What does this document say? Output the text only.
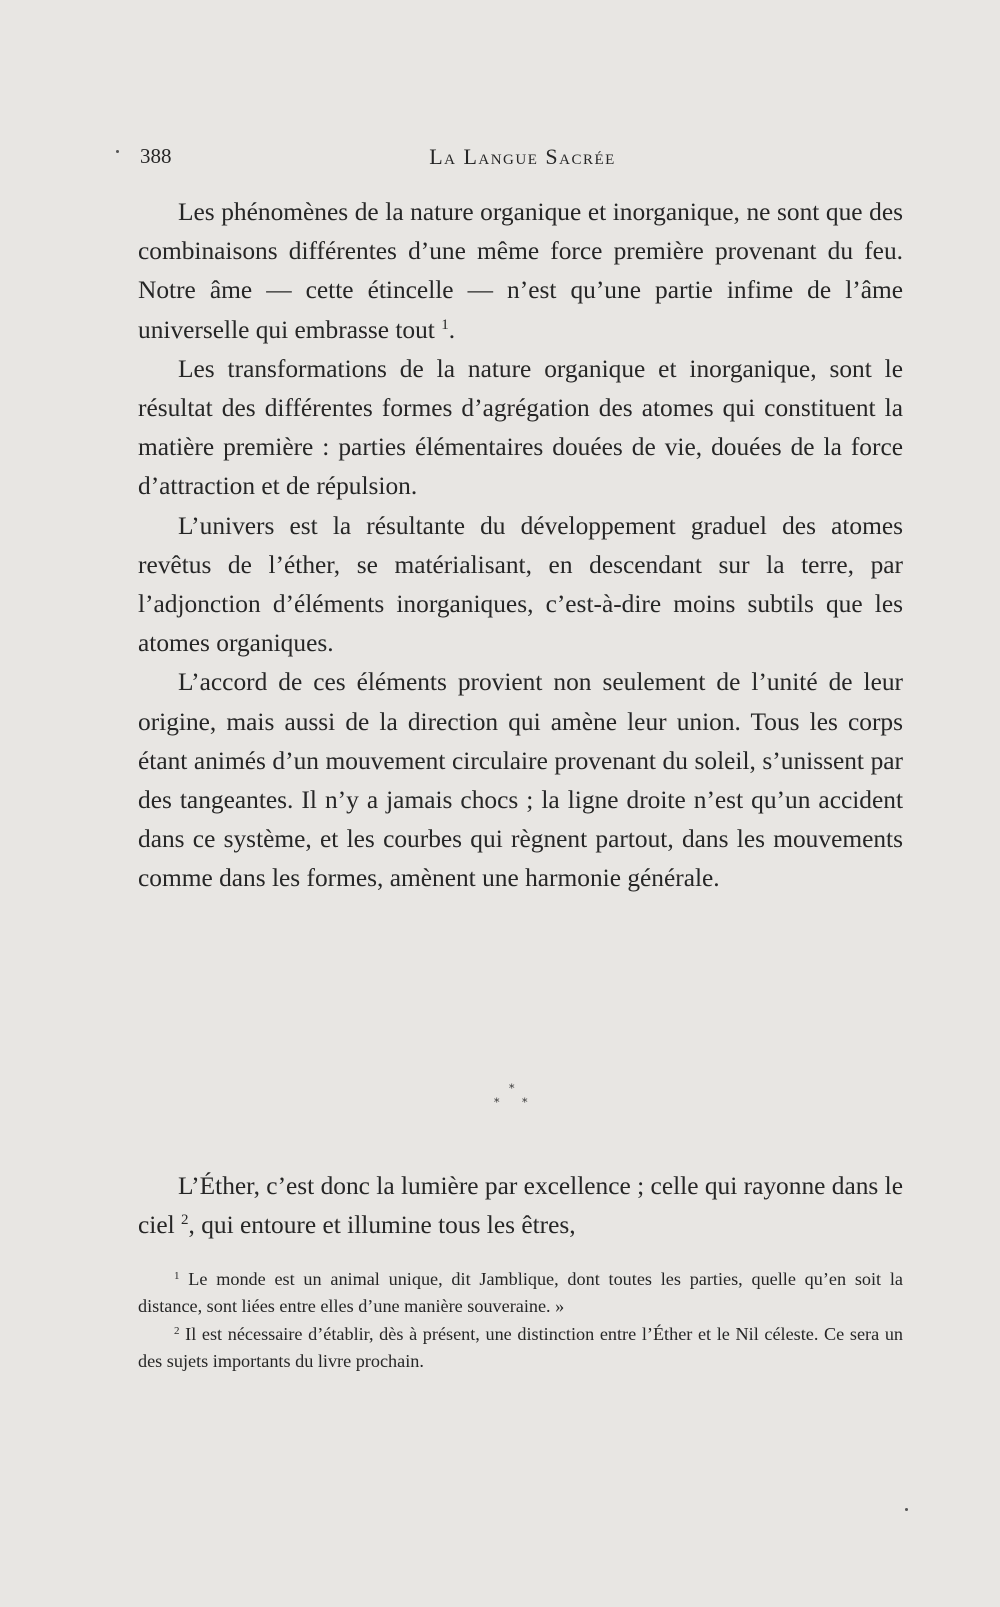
388	La Langue Sacrée

Les phénomènes de la nature organique et inorganique, ne sont que des combinaisons différentes d’une même force première provenant du feu. Notre âme — cette étincelle — n’est qu’une partie infime de l’âme universelle qui embrasse tout $^1$.

Les transformations de la nature organique et inorganique, sont le résultat des différentes formes d’agrégation des atomes qui constituent la matière première : parties élémentaires douées de vie, douées de la force d’attraction et de répulsion.

L’univers est la résultante du développement graduel des atomes revêtus de l’éther, se matérialisant, en descendant sur la terre, par l’adjonction d’éléments inorganiques, c’est-à-dire moins subtils que les atomes organiques.

L’accord de ces éléments provient non seulement de l’unité de leur origine, mais aussi de la direction qui amène leur union. Tous les corps étant animés d’un mouvement circulaire provenant du soleil, s’unissent par des tangeantes. Il n’y a jamais chocs ; la ligne droite n’est qu’un accident dans ce système, et les courbes qui règnent partout, dans les mouvements comme dans les formes, amènent une harmonie générale.

*
* *

L’Éther, c’est donc la lumière par excellence ; celle qui rayonne dans le ciel $^2$, qui entoure et illumine tous les êtres,

$^1$ Le monde est un animal unique, dit Jamblique, dont toutes les parties, quelle qu’en soit la distance, sont liées entre elles d’une manière souveraine. »

$^2$ Il est nécessaire d’établir, dès à présent, une distinction entre l’Éther et le Nil céleste. Ce sera un des sujets importants du livre prochain.
